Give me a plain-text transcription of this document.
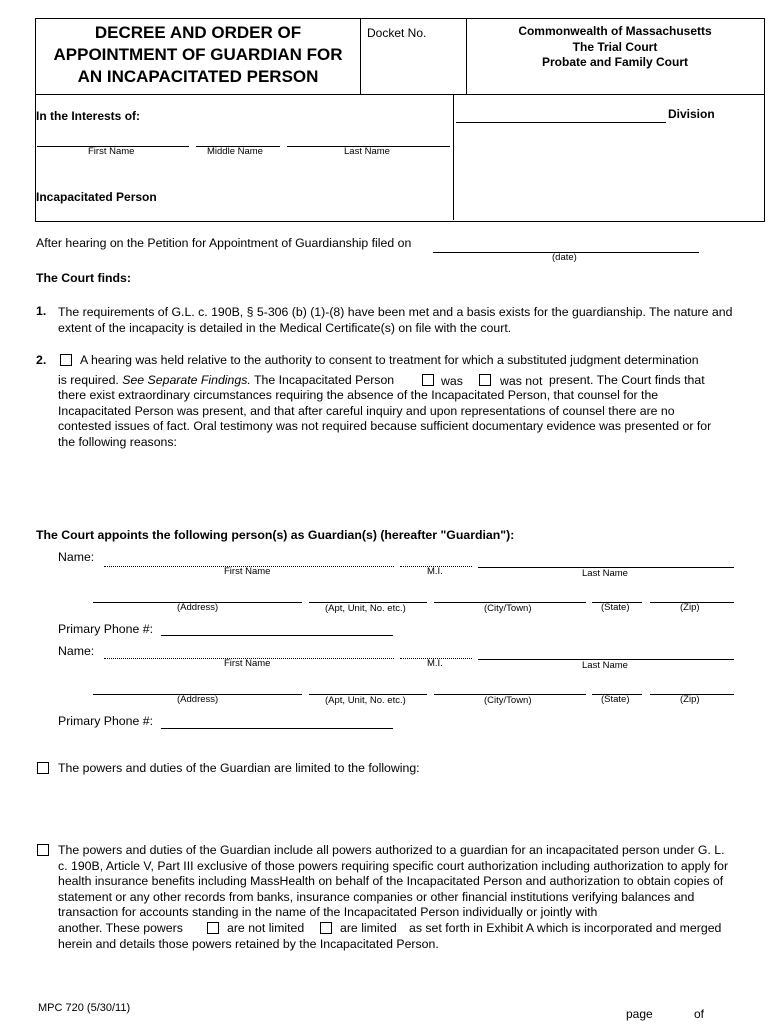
DECREE AND ORDER OF
APPOINTMENT OF GUARDIAN FOR
AN INCAPACITATED PERSON
Docket No.	Commonwealth of Massachusetts
The Trial Court
Probate and Family Court
In the Interests of:	Division
First Name	Middle Name	Last Name
Incapacitated Person
After hearing on the Petition for Appointment of Guardianship filed on
(date)
The Court finds:
1. The requirements of G.L. c. 190B, § 5-306 (b) (1)-(8) have been met and a basis exists for the guardianship. The nature and extent of the incapacity is detailed in the Medical Certificate(s) on file with the court.
2.	A hearing was held relative to the authority to consent to treatment for which a substituted judgment determination
is required. See Separate Findings. The Incapacitated Person	was	was not present. The Court finds that
there exist extraordinary circumstances requiring the absence of the Incapacitated Person, that counsel for the Incapacitated Person was present, and that after careful inquiry and upon representations of counsel there are no contested issues of fact. Oral testimony was not required because sufficient documentary evidence was presented or for the following reasons:
The Court appoints the following person(s) as Guardian(s) (hereafter "Guardian"):
Name:
First Name	M.I.	Last Name
(Address)	(Apt, Unit, No. etc.)	(City/Town)	(State)	(Zip)
Primary Phone #:
Name:
First Name	M.I.	Last Name
(Address)	(Apt, Unit, No. etc.)	(City/Town)	(State)	(Zip)
Primary Phone #:
The powers and duties of the Guardian are limited to the following:
The powers and duties of the Guardian include all powers authorized to a guardian for an incapacitated person under G. L. c. 190B, Article V, Part III exclusive of those powers requiring specific court authorization including authorization to apply for health insurance benefits including MassHealth on behalf of the Incapacitated Person and authorization to obtain copies of statement or any other records from banks, insurance companies or other financial institutions verifying balances and transaction for accounts standing in the name of the Incapacitated Person individually or jointly with
another. These powers	are not limited	are limited as set forth in Exhibit A which is incorporated and merged
herein and details those powers retained by the Incapacitated Person.
MPC 720 (5/30/11)	page	of
